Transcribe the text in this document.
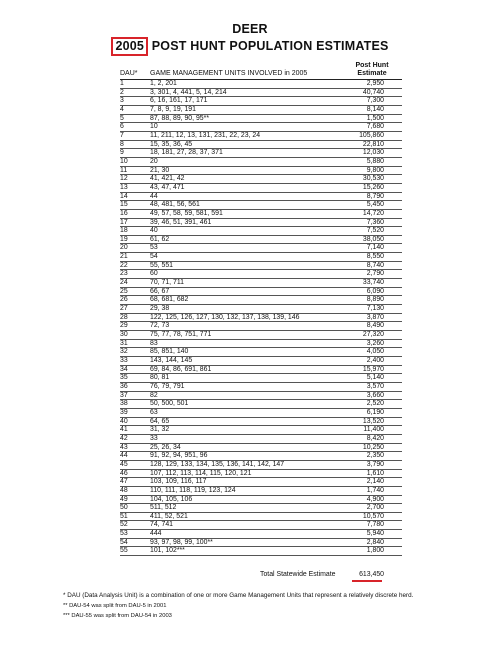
DEER
2005 POST HUNT POPULATION ESTIMATES
Post Hunt
Estimate
DAU* GAME MANAGEMENT UNITS INVOLVED in 2005
1	1, 2, 201	2,950
2	3, 301, 4, 441, 5, 14, 214	40,740
3	6, 16, 161, 17, 171	7,300
4	7, 8, 9, 19, 191	8,140
5	87, 88, 89, 90, 95**	1,500
6	10	7,680
7	11, 211, 12, 13, 131, 231, 22, 23, 24	105,860
8	15, 35, 36, 45	22,810
9	18, 181, 27, 28, 37, 371	12,030
10	20	5,880
11	21, 30	9,800
12	41, 421, 42	30,530
13	43, 47, 471	15,260
14	44	8,790
15	48, 481, 56, 561	5,450
16	49, 57, 58, 59, 581, 591	14,720
17	39, 46, 51, 391, 461	7,360
18	40	7,520
19	61, 62	38,050
20	53	7,140
21	54	8,550
22	55, 551	8,740
23	60	2,790
24	70, 71, 711	33,740
25	66, 67	6,090
26	68, 681, 682	8,890
27	29, 38	7,130
28	122, 125, 126, 127, 130, 132, 137, 138, 139, 146	3,870
29	72, 73	8,490
30	75, 77, 78, 751, 771	27,320
31	83	3,260
32	85, 851, 140	4,050
33	143, 144, 145	2,400
34	69, 84, 86, 691, 861	15,970
35	80, 81	5,140
36	76, 79, 791	3,570
37	82	3,660
38	50, 500, 501	2,520
39	63	6,190
40	64, 65	13,520
41	31, 32	11,400
42	33	8,420
43	25, 26, 34	10,250
44	91, 92, 94, 951, 96	2,350
45	128, 129, 133, 134, 135, 136, 141, 142, 147	3,790
46	107, 112, 113, 114, 115, 120, 121	1,610
47	103, 109, 116, 117	2,140
48	110, 111, 118, 119, 123, 124	1,740
49	104, 105, 106	4,900
50	511, 512	2,700
51	411, 52, 521	10,570
52	74, 741	7,780
53	444	5,940
54	93, 97, 98, 99, 100**	2,840
55	101, 102***	1,800
Total Statewide Estimate	613,450
* DAU (Data Analysis Unit) is a combination of one or more Game Management Units that represent a relatively discrete herd.
** DAU-54 was split from DAU-5 in 2001
*** DAU-55 was split from DAU-54 in 2003
